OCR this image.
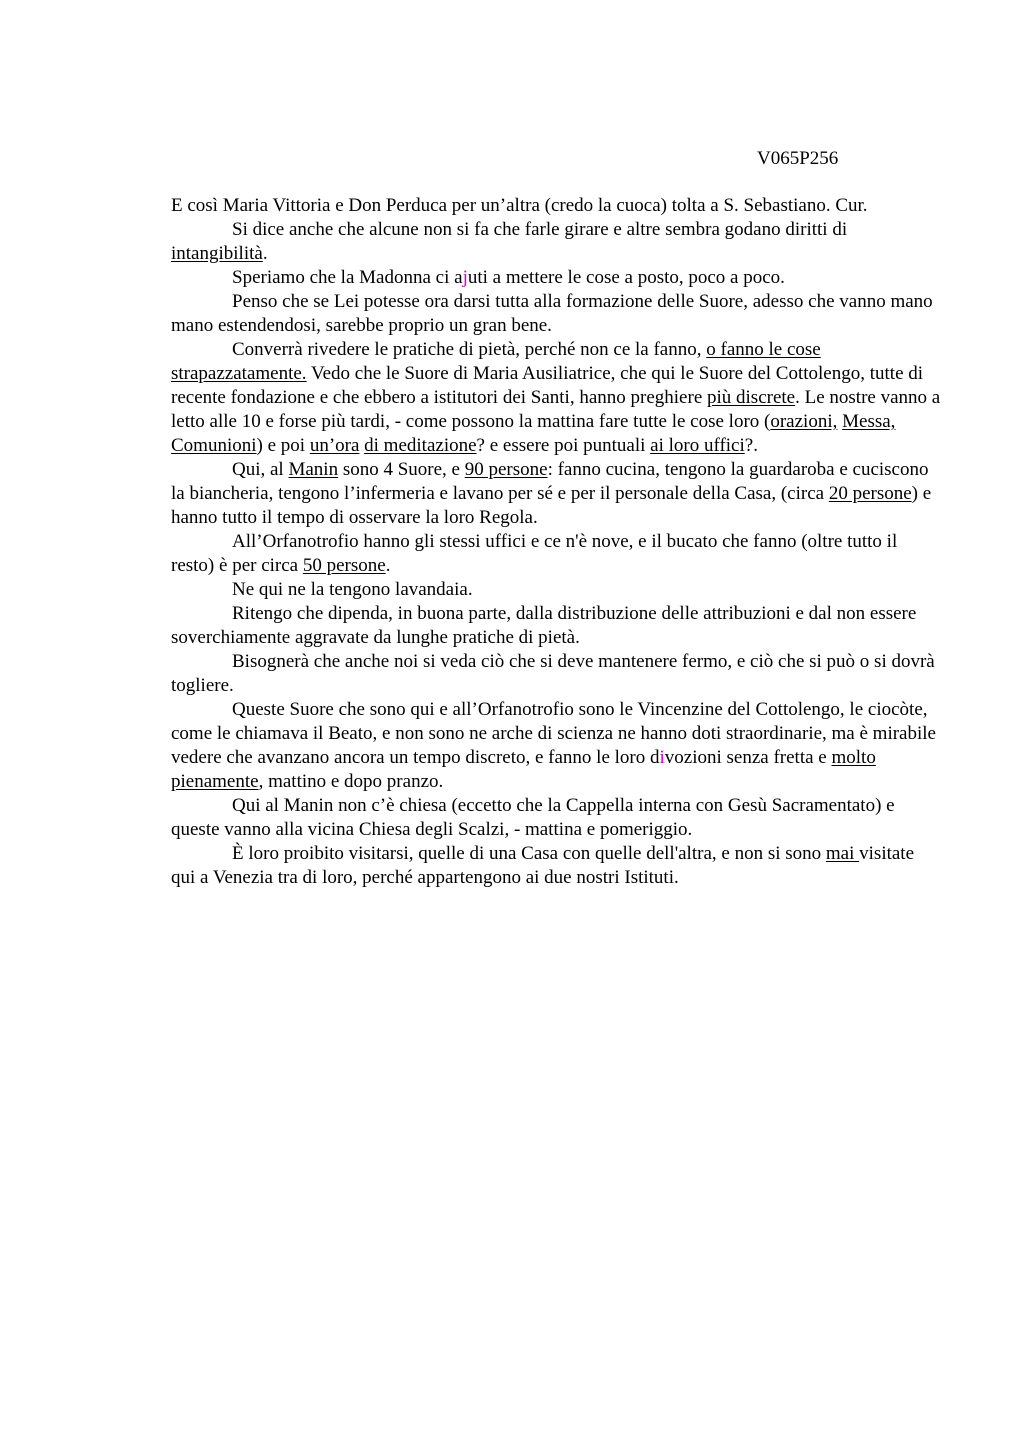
V065P256

E così Maria Vittoria e Don Perduca per un’altra (credo la cuoca) tolta a S. Sebastiano. Cur.

Si dice anche che alcune non si fa che farle girare e altre sembra godano diritti di intangibilità.

Speriamo che la Madonna ci ajuti a mettere le cose a posto, poco a poco.

Penso che se Lei potesse ora darsi tutta alla formazione delle Suore, adesso che vanno mano mano estendendosi, sarebbe proprio un gran bene.

Converrà rivedere le pratiche di pietà, perché non ce la fanno, o fanno le cose strapazzatamente. Vedo che le Suore di Maria Ausiliatrice, che qui le Suore del Cottolengo, tutte di recente fondazione e che ebbero a istitutori dei Santi, hanno preghiere più discrete. Le nostre vanno a letto alle 10 e forse più tardi, - come possono la mattina fare tutte le cose loro (orazioni, Messa, Comunioni) e poi un’ora di meditazione? e essere poi puntuali ai loro uffici?.

Qui, al Manin sono 4 Suore, e 90 persone: fanno cucina, tengono la guardaroba e cuciscono la biancheria, tengono l’infermeria e lavano per sé e per il personale della Casa, (circa 20 persone) e hanno tutto il tempo di osservare la loro Regola.

All’Orfanotrofio hanno gli stessi uffici e ce n'è nove, e il bucato che fanno (oltre tutto il resto) è per circa 50 persone.

Ne qui ne la tengono lavandaia.

Ritengo che dipenda, in buona parte, dalla distribuzione delle attribuzioni e dal non essere soverchiamente aggravate da lunghe pratiche di pietà.

Bisognerà che anche noi si veda ciò che si deve mantenere fermo, e ciò che si può o si dovrà togliere.

Queste Suore che sono qui e all’Orfanotrofio sono le Vincenzine del Cottolengo, le ciocòte, come le chiamava il Beato, e non sono ne arche di scienza ne hanno doti straordinarie, ma è mirabile vedere che avanzano ancora un tempo discreto, e fanno le loro divozioni senza fretta e molto pienamente, mattino e dopo pranzo.

Qui al Manin non c’è chiesa (eccetto che la Cappella interna con Gesù Sacramentato) e queste vanno alla vicina Chiesa degli Scalzi, - mattina e pomeriggio.

È loro proibito visitarsi, quelle di una Casa con quelle dell'altra, e non si sono mai visitate qui a Venezia tra di loro, perché appartengono ai due nostri Istituti.
